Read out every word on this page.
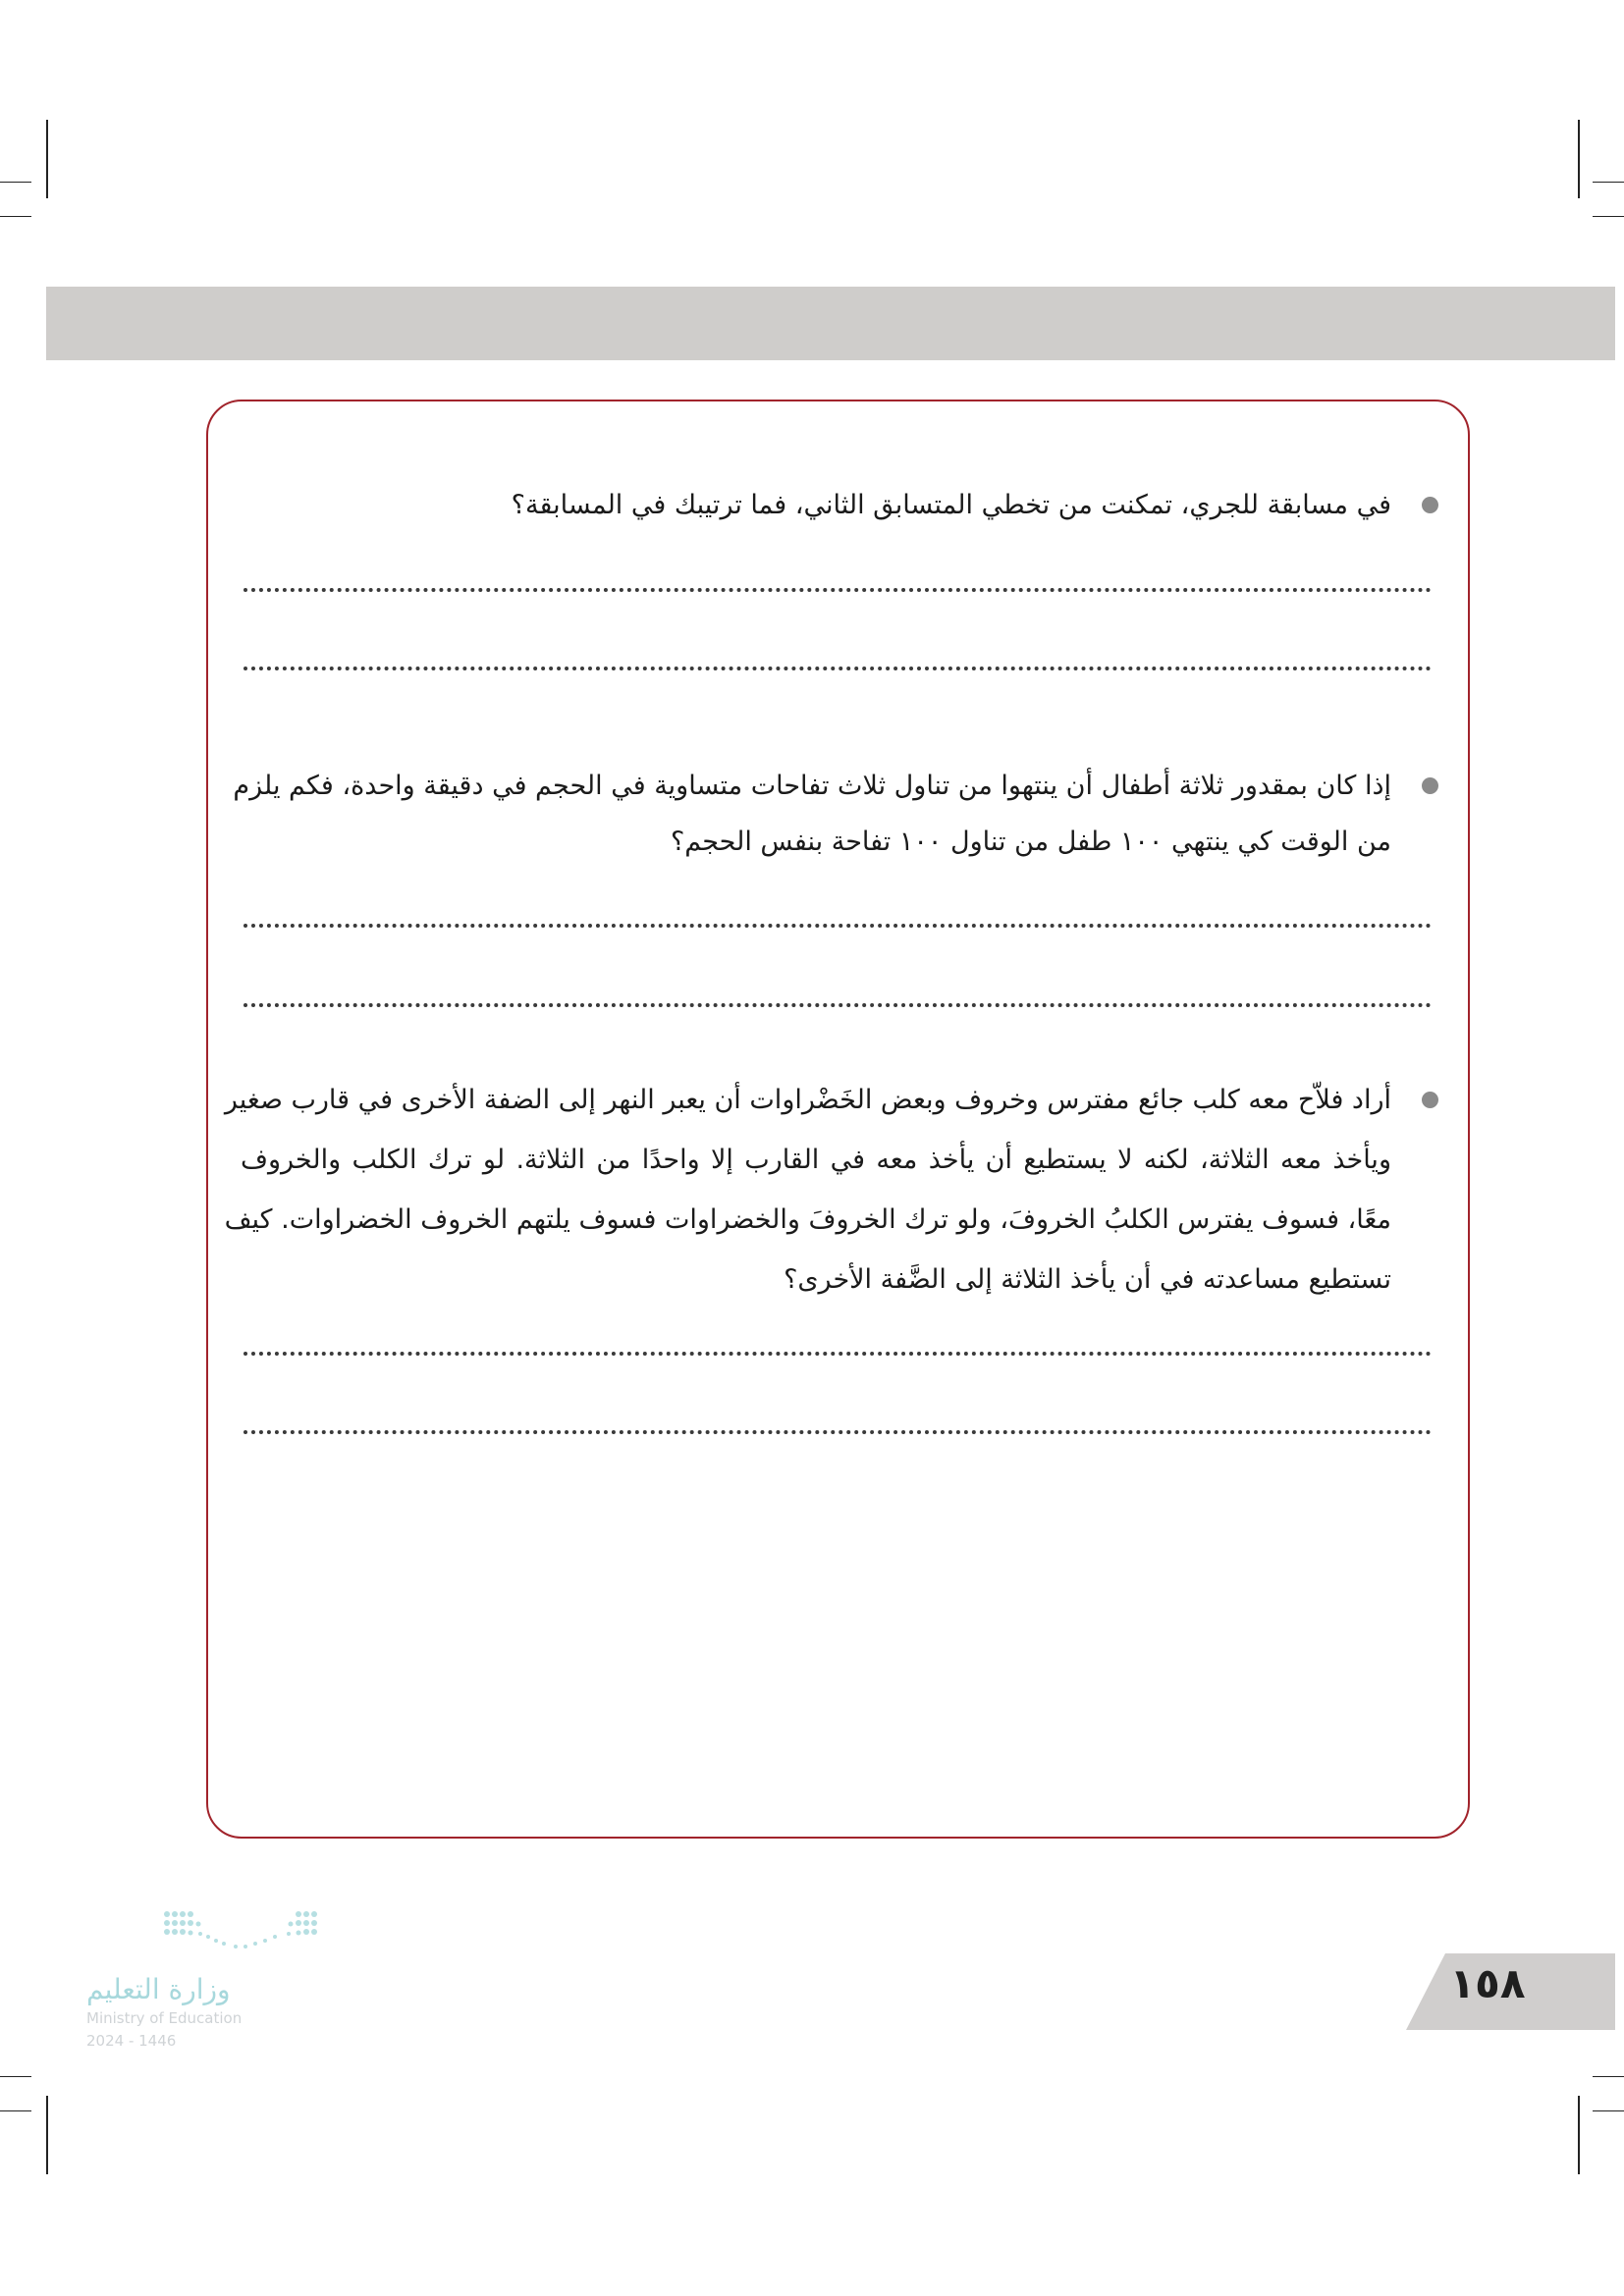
في مسابقة للجري، تمكنت من تخطي المتسابق الثاني، فما ترتيبك في المسابقة؟
إذا كان بمقدور ثلاثة أطفال أن ينتهوا من تناول ثلاث تفاحات متساوية في الحجم في دقيقة واحدة، فكم يلزم
من الوقت كي ينتهي ١٠٠ طفل من تناول ١٠٠ تفاحة بنفس الحجم؟
أراد فلاّح معه كلب جائع مفترس وخروف وبعض الخَضْراوات أن يعبر النهر إلى الضفة الأخرى في قارب صغير
ويأخذ معه الثلاثة، لكنه لا يستطيع أن يأخذ معه في القارب إلا واحدًا من الثلاثة. لو ترك الكلب والخروف
معًا، فسوف يفترس الكلبُ الخروفَ، ولو ترك الخروفَ والخضراوات فسوف يلتهم الخروف الخضراوات. كيف
تستطيع مساعدته في أن يأخذ الثلاثة إلى الضَّفة الأخرى؟
وزارة التعليم
Ministry of Education
2024 - 1446
١٥٨
